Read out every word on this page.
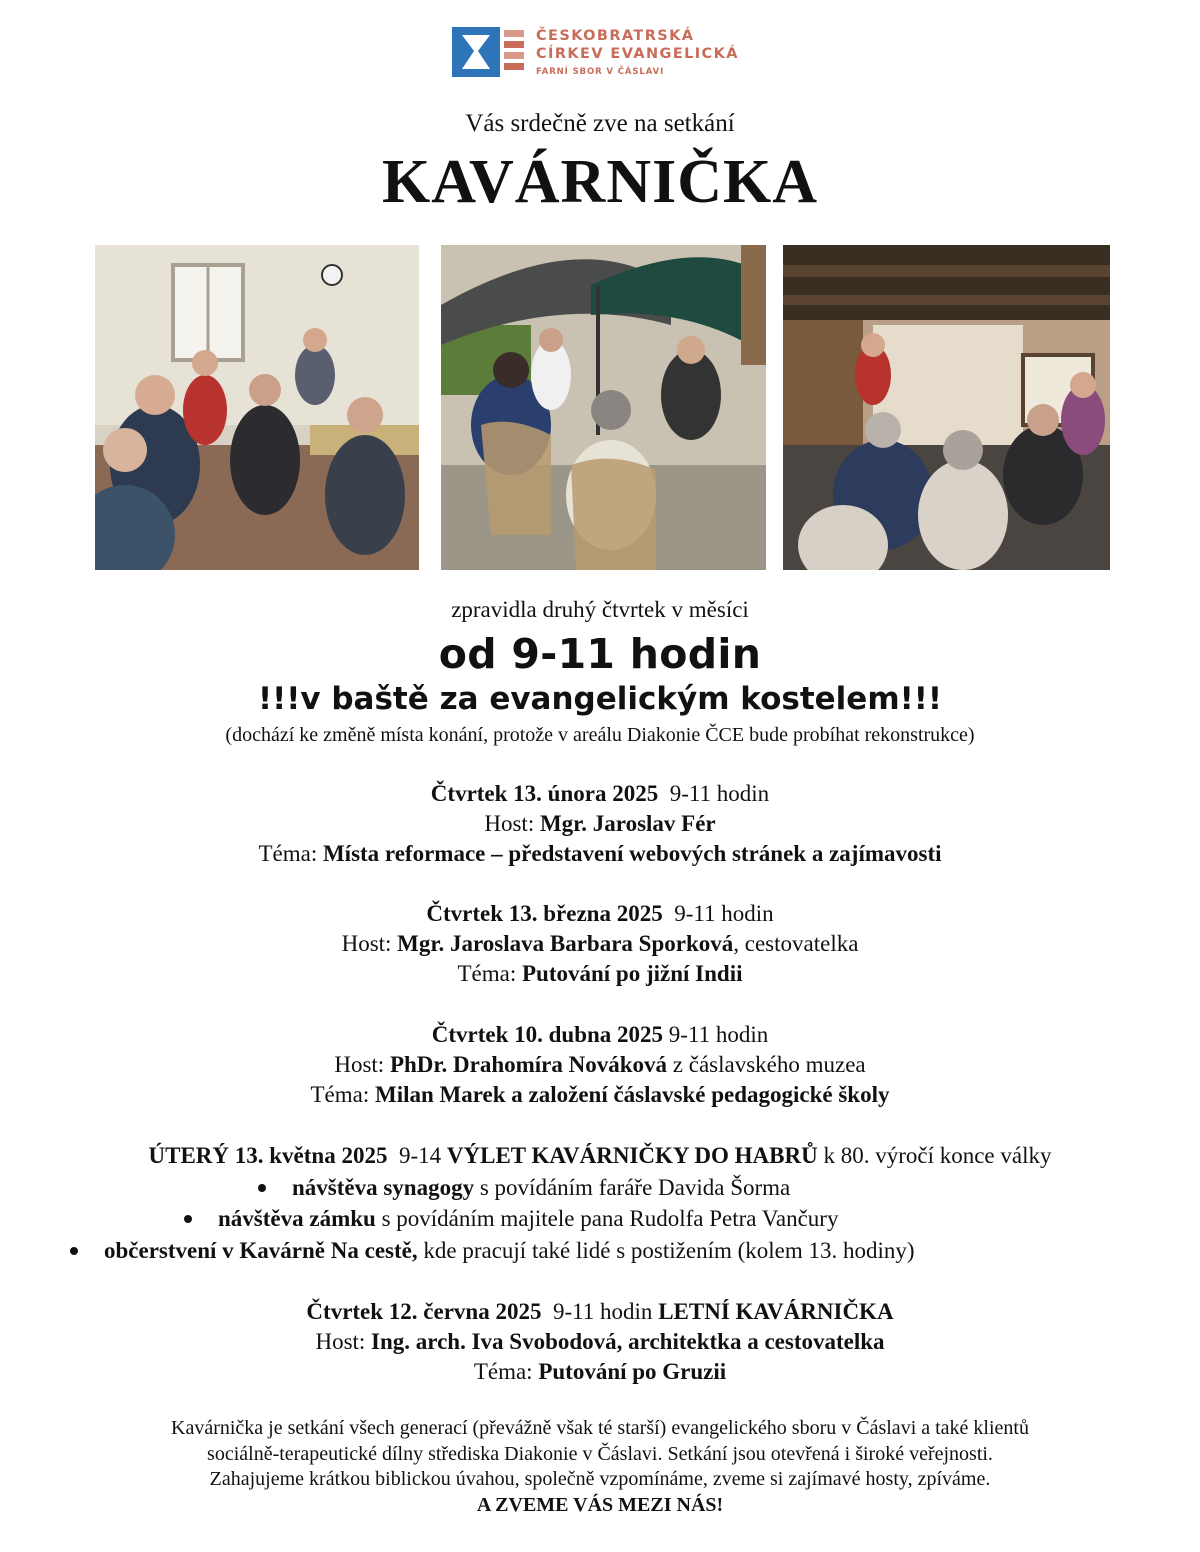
ČESKOBRATRSKÁ
CÍRKEV EVANGELICKÁ
FARNÍ SBOR V ČÁSLAVI
Vás srdečně zve na setkání
KAVÁRNIČKA
zpravidla druhý čtvrtek v měsíci
od 9-11 hodin
!!!v baště za evangelickým kostelem!!!
(dochází ke změně místa konání, protože v areálu Diakonie ČCE bude probíhat rekonstrukce)
Čtvrtek 13. února 2025 9-11 hodin
Host: Mgr. Jaroslav Fér
Téma: Místa reformace – představení webových stránek a zajímavosti
Čtvrtek 13. března 2025 9-11 hodin
Host: Mgr. Jaroslava Barbara Sporková, cestovatelka
Téma: Putování po jižní Indii
Čtvrtek 10. dubna 2025 9-11 hodin
Host: PhDr. Drahomíra Nováková z čáslavského muzea
Téma: Milan Marek a založení čáslavské pedagogické školy
ÚTERÝ 13. května 2025 9-14 VÝLET KAVÁRNIČKY DO HABRŮ k 80. výročí konce války
návštěva synagogy s povídáním faráře Davida Šorma
návštěva zámku s povídáním majitele pana Rudolfa Petra Vančury
občerstvení v Kavárně Na cestě, kde pracují také lidé s postižením (kolem 13. hodiny)
Čtvrtek 12. června 2025 9-11 hodin LETNÍ KAVÁRNIČKA
Host: Ing. arch. Iva Svobodová, architektka a cestovatelka
Téma: Putování po Gruzii
Kavárnička je setkání všech generací (převážně však té starší) evangelického sboru v Čáslavi a také klientů
sociálně-terapeutické dílny střediska Diakonie v Čáslavi. Setkání jsou otevřená i široké veřejnosti.
Zahajujeme krátkou biblickou úvahou, společně vzpomínáme, zveme si zajímavé hosty, zpíváme.
A ZVEME VÁS MEZI NÁS!
